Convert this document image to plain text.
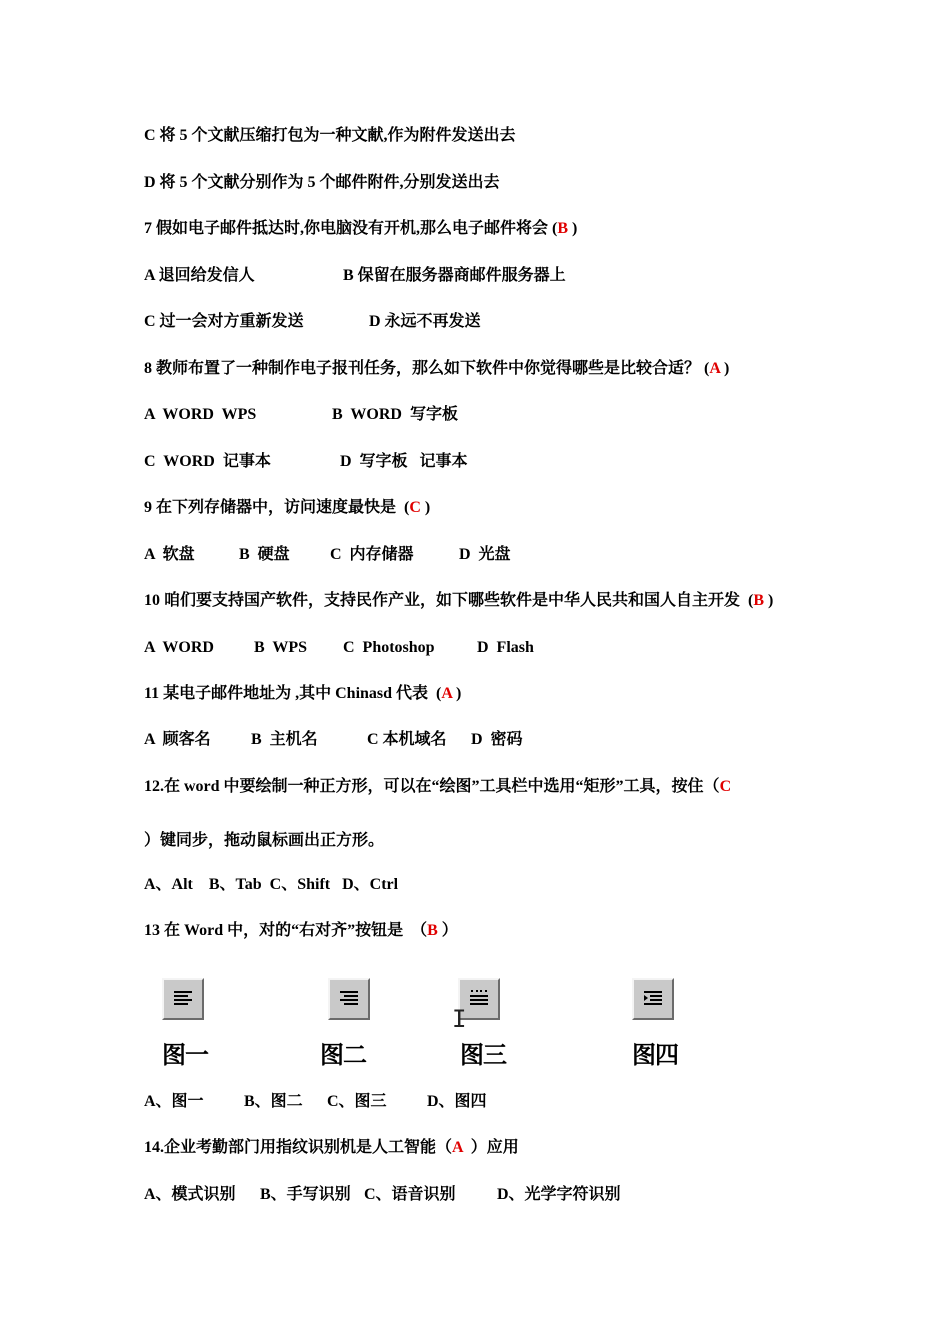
C 将 5 个文献压缩打包为一种文献,作为附件发送出去
D 将 5 个文献分别作为 5 个邮件附件,分别发送出去
7 假如电子邮件抵达时,你电脑没有开机,那么电子邮件将会 (B )

A 退回给发信人

	B 保留在服务器商邮件服务器上

C 过一会对方重新发送

	D 永远不再发送

8 教师布置了一种制作电子报刊任务，那么如下软件中你觉得哪些是比较合适？ (A )

A  WORD  WPS

	B  WORD  写字板

C  WORD  记事本

	D  写字板   记事本

9 在下列存储器中，访问速度最快是  (C )

A  软盘

	B  硬盘

	C  内存储器

	D  光盘

10 咱们要支持国产软件，支持民作产业，如下哪些软件是中华人民共和国人自主开发  (B )

A  WORD

	B  WPS

C  Photoshop

	D  Flash

11 某电子邮件地址为 ,其中 Chinasd 代表  (A )

A  顾客名

	B  主机名

	C 本机域名

D  密码

12.在 word 中要绘制一种正方形，可以在“绘图”工具栏中选用“矩形”工具，按住（C
）键同步，拖动鼠标画出正方形。
A、Alt    B、Tab  C、Shift   D、Ctrl
13 在 Word 中，对的“右对齐”按钮是  （B ）
图一	图二	图三	图四
I

A、图一

	B、图二

C、图三

	D、图四

14.企业考勤部门用指纹识别机是人工智能（A  ）应用

A、模式识别

B、手写识别

C、语音识别

	D、光学字符识别
